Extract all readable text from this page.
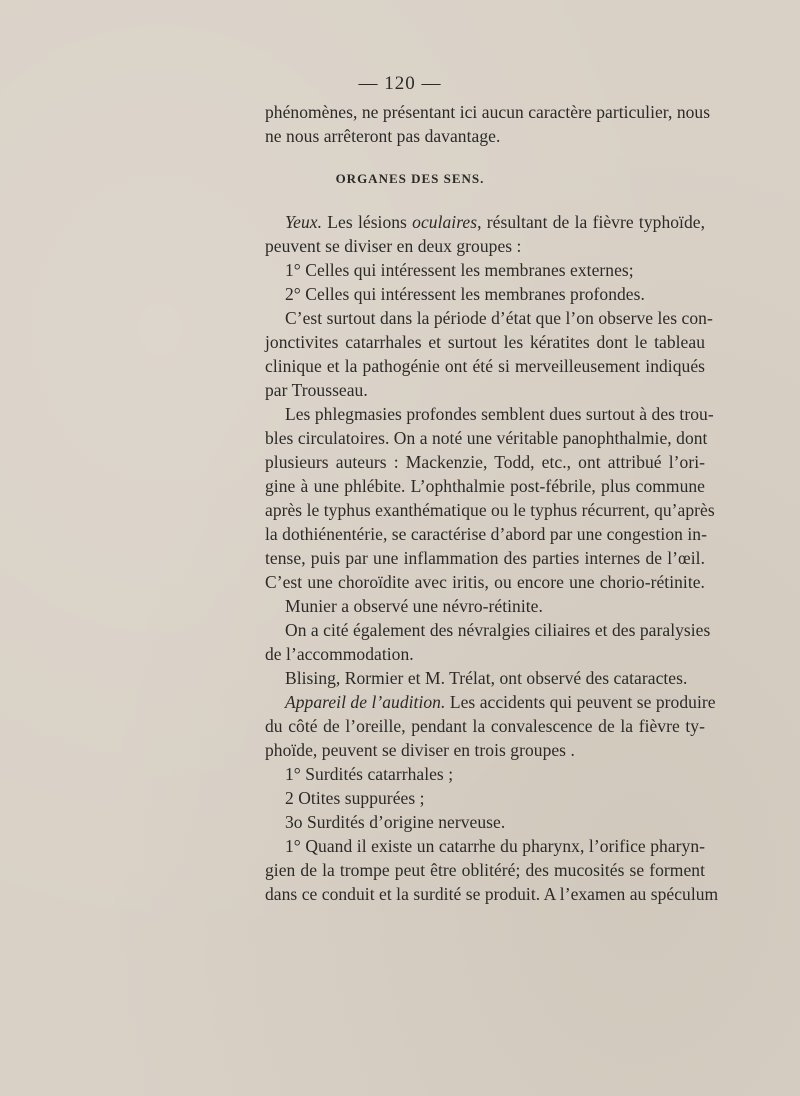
— 120 —
phénomènes, ne présentant ici aucun caractère particulier, nous
ne nous arrêteront pas davantage.
ORGANES DES SENS.
Yeux. Les lésions oculaires, résultant de la fièvre typhoïde,
peuvent se diviser en deux groupes :
1° Celles qui intéressent les membranes externes;
2° Celles qui intéressent les membranes profondes.
C’est surtout dans la période d’état que l’on observe les con-
jonctivites catarrhales et surtout les kératites dont le tableau
clinique et la pathogénie ont été si merveilleusement indiqués
par Trousseau.
Les phlegmasies profondes semblent dues surtout à des trou-
bles circulatoires. On a noté une véritable panophthalmie, dont
plusieurs auteurs : Mackenzie, Todd, etc., ont attribué l’ori-
gine à une phlébite. L’ophthalmie post-fébrile, plus commune
après le typhus exanthématique ou le typhus récurrent, qu’après
la dothiénentérie, se caractérise d’abord par une congestion in-
tense, puis par une inflammation des parties internes de l’œil.
C’est une choroïdite avec iritis, ou encore une chorio-rétinite.
Munier a observé une névro-rétinite.
On a cité également des névralgies ciliaires et des paralysies
de l’accommodation.
Blising, Rormier et M. Trélat, ont observé des cataractes.
Appareil de l’audition. Les accidents qui peuvent se produire
du côté de l’oreille, pendant la convalescence de la fièvre ty-
phoïde, peuvent se diviser en trois groupes .
1° Surdités catarrhales ;
2 Otites suppurées ;
3o Surdités d’origine nerveuse.
1° Quand il existe un catarrhe du pharynx, l’orifice pharyn-
gien de la trompe peut être oblitéré; des mucosités se forment
dans ce conduit et la surdité se produit. A l’examen au spéculum
